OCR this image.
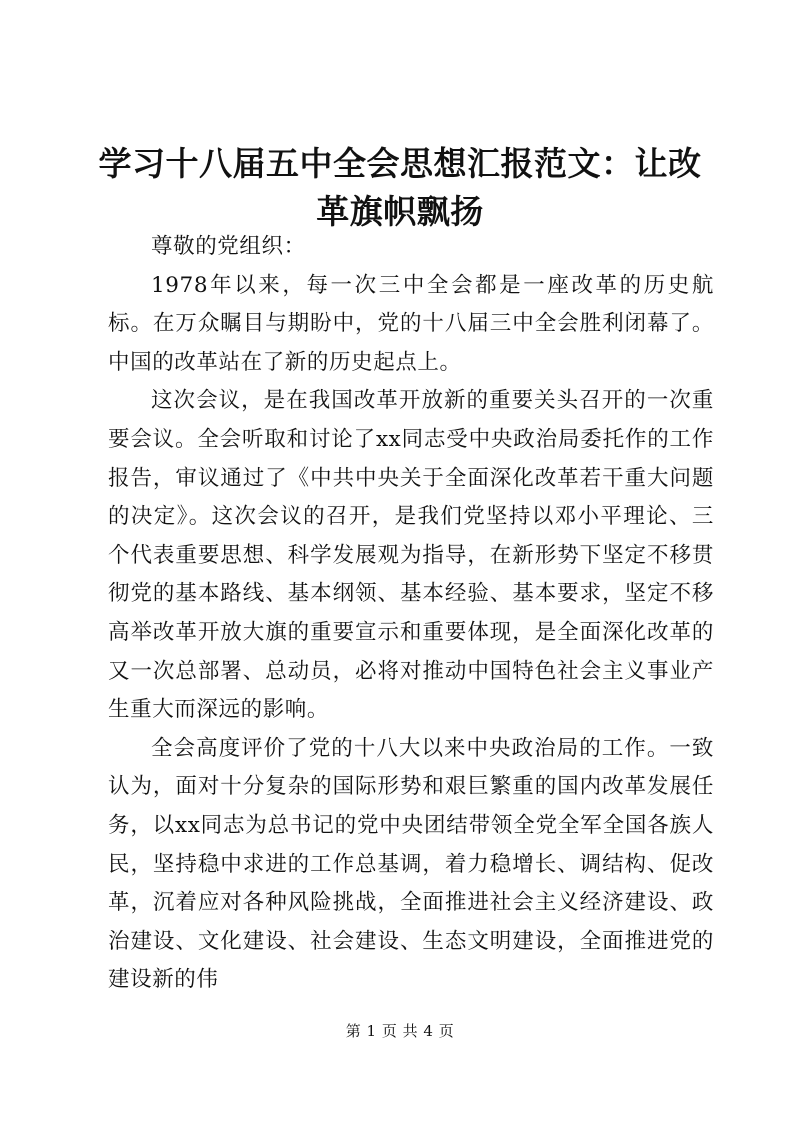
学习十八届五中全会思想汇报范文：让改革旗帜飘扬

尊敬的党组织：

1978年以来，每一次三中全会都是一座改革的历史航标。在万众瞩目与期盼中，党的十八届三中全会胜利闭幕了。中国的改革站在了新的历史起点上。

这次会议，是在我国改革开放新的重要关头召开的一次重要会议。全会听取和讨论了xx同志受中央政治局委托作的工作报告，审议通过了《中共中央关于全面深化改革若干重大问题的决定》。这次会议的召开，是我们党坚持以邓小平理论、三个代表重要思想、科学发展观为指导，在新形势下坚定不移贯彻党的基本路线、基本纲领、基本经验、基本要求，坚定不移高举改革开放大旗的重要宣示和重要体现，是全面深化改革的又一次总部署、总动员，必将对推动中国特色社会主义事业产生重大而深远的影响。

全会高度评价了党的十八大以来中央政治局的工作。一致认为，面对十分复杂的国际形势和艰巨繁重的国内改革发展任务，以xx同志为总书记的党中央团结带领全党全军全国各族人民，坚持稳中求进的工作总基调，着力稳增长、调结构、促改革，沉着应对各种风险挑战，全面推进社会主义经济建设、政治建设、文化建设、社会建设、生态文明建设，全面推进党的建设新的伟

第 1 页 共 4 页
